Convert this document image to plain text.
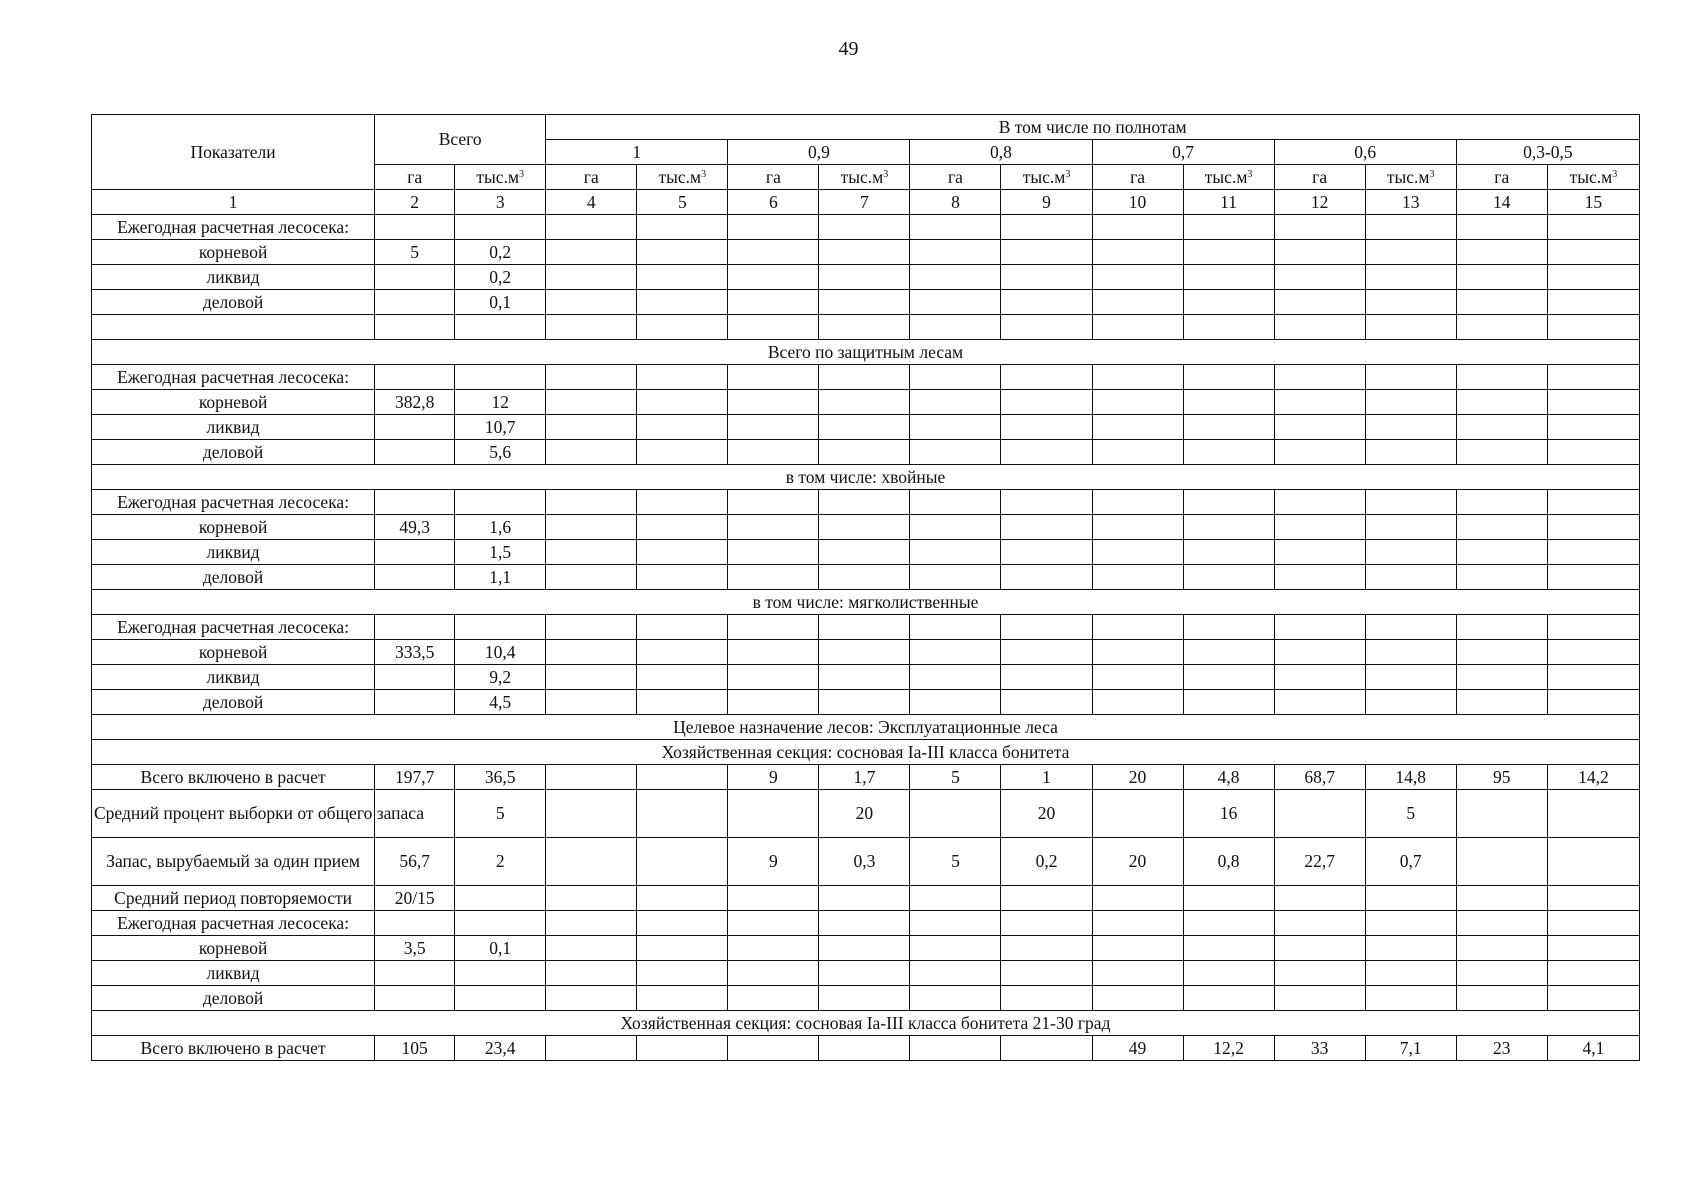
49
Показатели	Всего		В том числе по полнотам											
			1		0,9		0,8		0,7		0,6		0,3-0,5	
	га	$тыс.м^3$	га	$тыс.м^3$	га	$тыс.м^3$	га	$тыс.м^3$	га	$тыс.м^3$	га	$тыс.м^3$	га	$тыс.м^3$
1	2	3	4	5	6	7	8	9	10	11	12	13	14	15
Ежегодная расчетная лесосека:														
корневой	5	0,2												
ликвид		0,2												
деловой		0,1												

Всего по защитным лесам														
Ежегодная расчетная лесосека:														
корневой	382,8	12												
ликвид		10,7												
деловой		5,6												
в том числе: хвойные														
Ежегодная расчетная лесосека:														
корневой	49,3	1,6												
ликвид		1,5												
деловой		1,1												
в том числе: мягколиственные														
Ежегодная расчетная лесосека:														
корневой	333,5	10,4												
ликвид		9,2												
деловой		4,5												
Целевое назначение лесов: Эксплуатационные леса														
Хозяйственная секция: сосновая Ia-III класса бонитета														
Всего включено в расчет	197,7	36,5			9	1,7	5	1	20	4,8	68,7	14,8	95	14,2
Средний процент выборки от общего запаса		5				20		20		16		5		
Запас, вырубаемый за один прием	56,7	2			9	0,3	5	0,2	20	0,8	22,7	0,7		
Средний период повторяемости	20/15													
Ежегодная расчетная лесосека:														
корневой	3,5	0,1												
ликвид														
деловой														
Хозяйственная секция: сосновая Ia-III класса бонитета 21-30 град														
Всего включено в расчет	105	23,4							49	12,2	33	7,1	23	4,1
